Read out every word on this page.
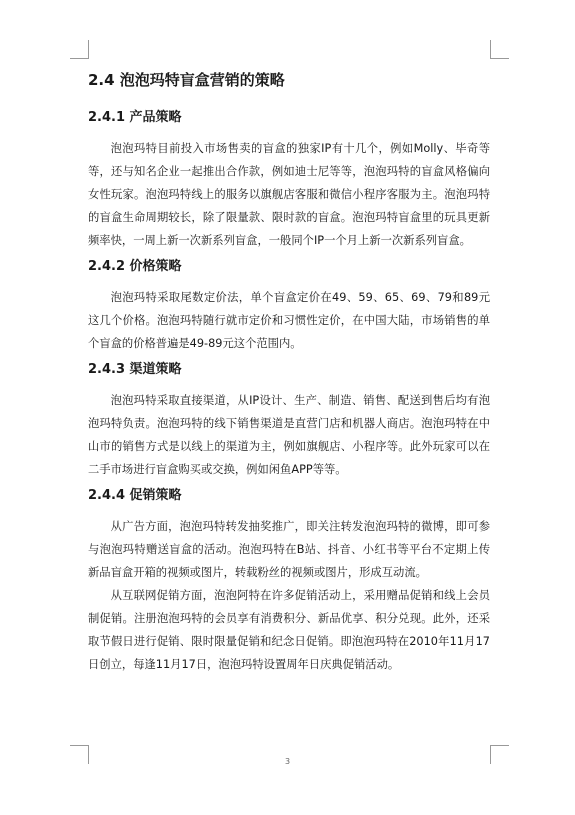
2.4 泡泡玛特盲盒营销的策略
2.4.1 产品策略

泡泡玛特目前投入市场售卖的盲盒的独家IP有十几个，例如Molly、毕奇等等，还与知名企业一起推出合作款，例如迪士尼等等，泡泡玛特的盲盒风格偏向女性玩家。泡泡玛特线上的服务以旗舰店客服和微信小程序客服为主。泡泡玛特的盲盒生命周期较长，除了限量款、限时款的盲盒。泡泡玛特盲盒里的玩具更新频率快，一周上新一次新系列盲盒，一般同个IP一个月上新一次新系列盲盒。

2.4.2 价格策略

泡泡玛特采取尾数定价法，单个盲盒定价在49、59、65、69、79和89元这几个价格。泡泡玛特随行就市定价和习惯性定价，在中国大陆，市场销售的单个盲盒的价格普遍是49-89元这个范围内。

2.4.3 渠道策略

泡泡玛特采取直接渠道，从IP设计、生产、制造、销售、配送到售后均有泡泡玛特负责。泡泡玛特的线下销售渠道是直营门店和机器人商店。泡泡玛特在中山市的销售方式是以线上的渠道为主，例如旗舰店、小程序等。此外玩家可以在二手市场进行盲盒购买或交换，例如闲鱼APP等等。

2.4.4 促销策略

从广告方面，泡泡玛特转发抽奖推广，即关注转发泡泡玛特的微博，即可参与泡泡玛特赠送盲盒的活动。泡泡玛特在B站、抖音、小红书等平台不定期上传新品盲盒开箱的视频或图片，转载粉丝的视频或图片，形成互动流。

从互联网促销方面，泡泡阿特在许多促销活动上，采用赠品促销和线上会员制促销。注册泡泡玛特的会员享有消费积分、新品优享、积分兑现。此外，还采取节假日进行促销、限时限量促销和纪念日促销。即泡泡玛特在2010年11月17日创立，每逢11月17日，泡泡玛特设置周年日庆典促销活动。

3
